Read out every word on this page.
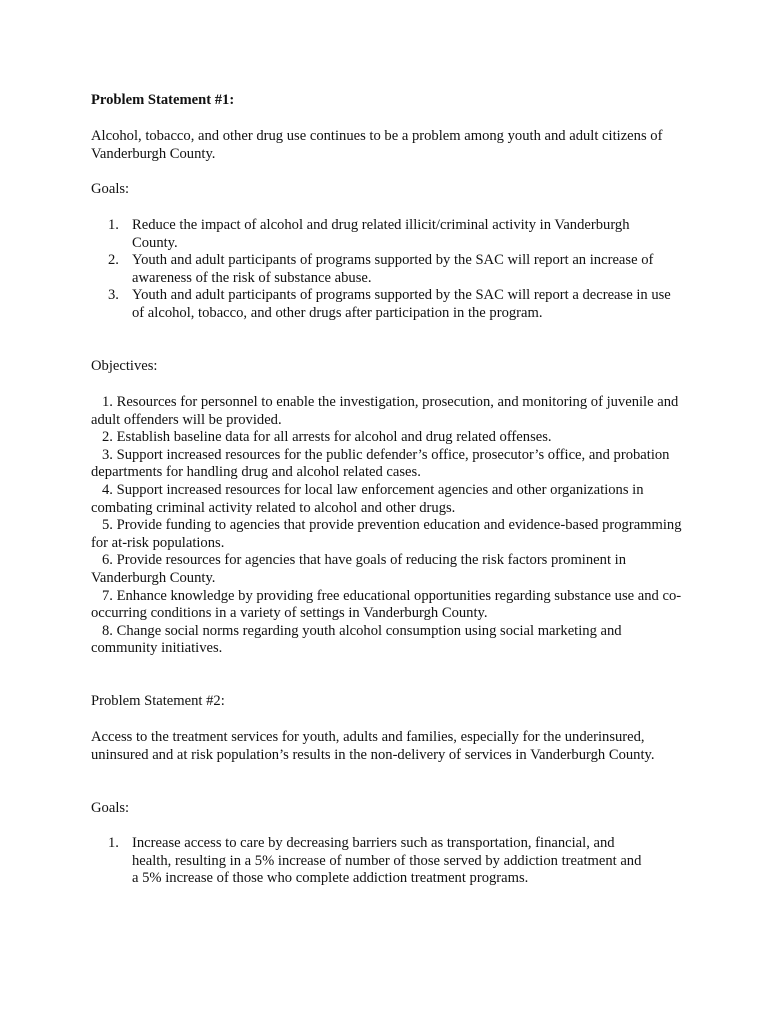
Problem Statement #1:
Alcohol, tobacco, and other drug use continues to be a problem among youth and adult citizens of Vanderburgh County.
Goals:
1. Reduce the impact of alcohol and drug related illicit/criminal activity in Vanderburgh County.
2. Youth and adult participants of programs supported by the SAC will report an increase of awareness of the risk of substance abuse.
3. Youth and adult participants of programs supported by the SAC will report a decrease in use of alcohol, tobacco, and other drugs after participation in the program.
Objectives:
1. Resources for personnel to enable the investigation, prosecution, and monitoring of juvenile and adult offenders will be provided.
2. Establish baseline data for all arrests for alcohol and drug related offenses.
3. Support increased resources for the public defender’s office, prosecutor’s office, and probation departments for handling drug and alcohol related cases.
4. Support increased resources for local law enforcement agencies and other organizations in combating criminal activity related to alcohol and other drugs.
5. Provide funding to agencies that provide prevention education and evidence-based programming for at-risk populations.
6. Provide resources for agencies that have goals of reducing the risk factors prominent in Vanderburgh County.
7. Enhance knowledge by providing free educational opportunities regarding substance use and co-occurring conditions in a variety of settings in Vanderburgh County.
8. Change social norms regarding youth alcohol consumption using social marketing and community initiatives.
Problem Statement #2:
Access to the treatment services for youth, adults and families, especially for the underinsured, uninsured and at risk population’s results in the non-delivery of services in Vanderburgh County.
Goals:
1. Increase access to care by decreasing barriers such as transportation, financial, and health, resulting in a 5% increase of number of those served by addiction treatment and a 5% increase of those who complete addiction treatment programs.
